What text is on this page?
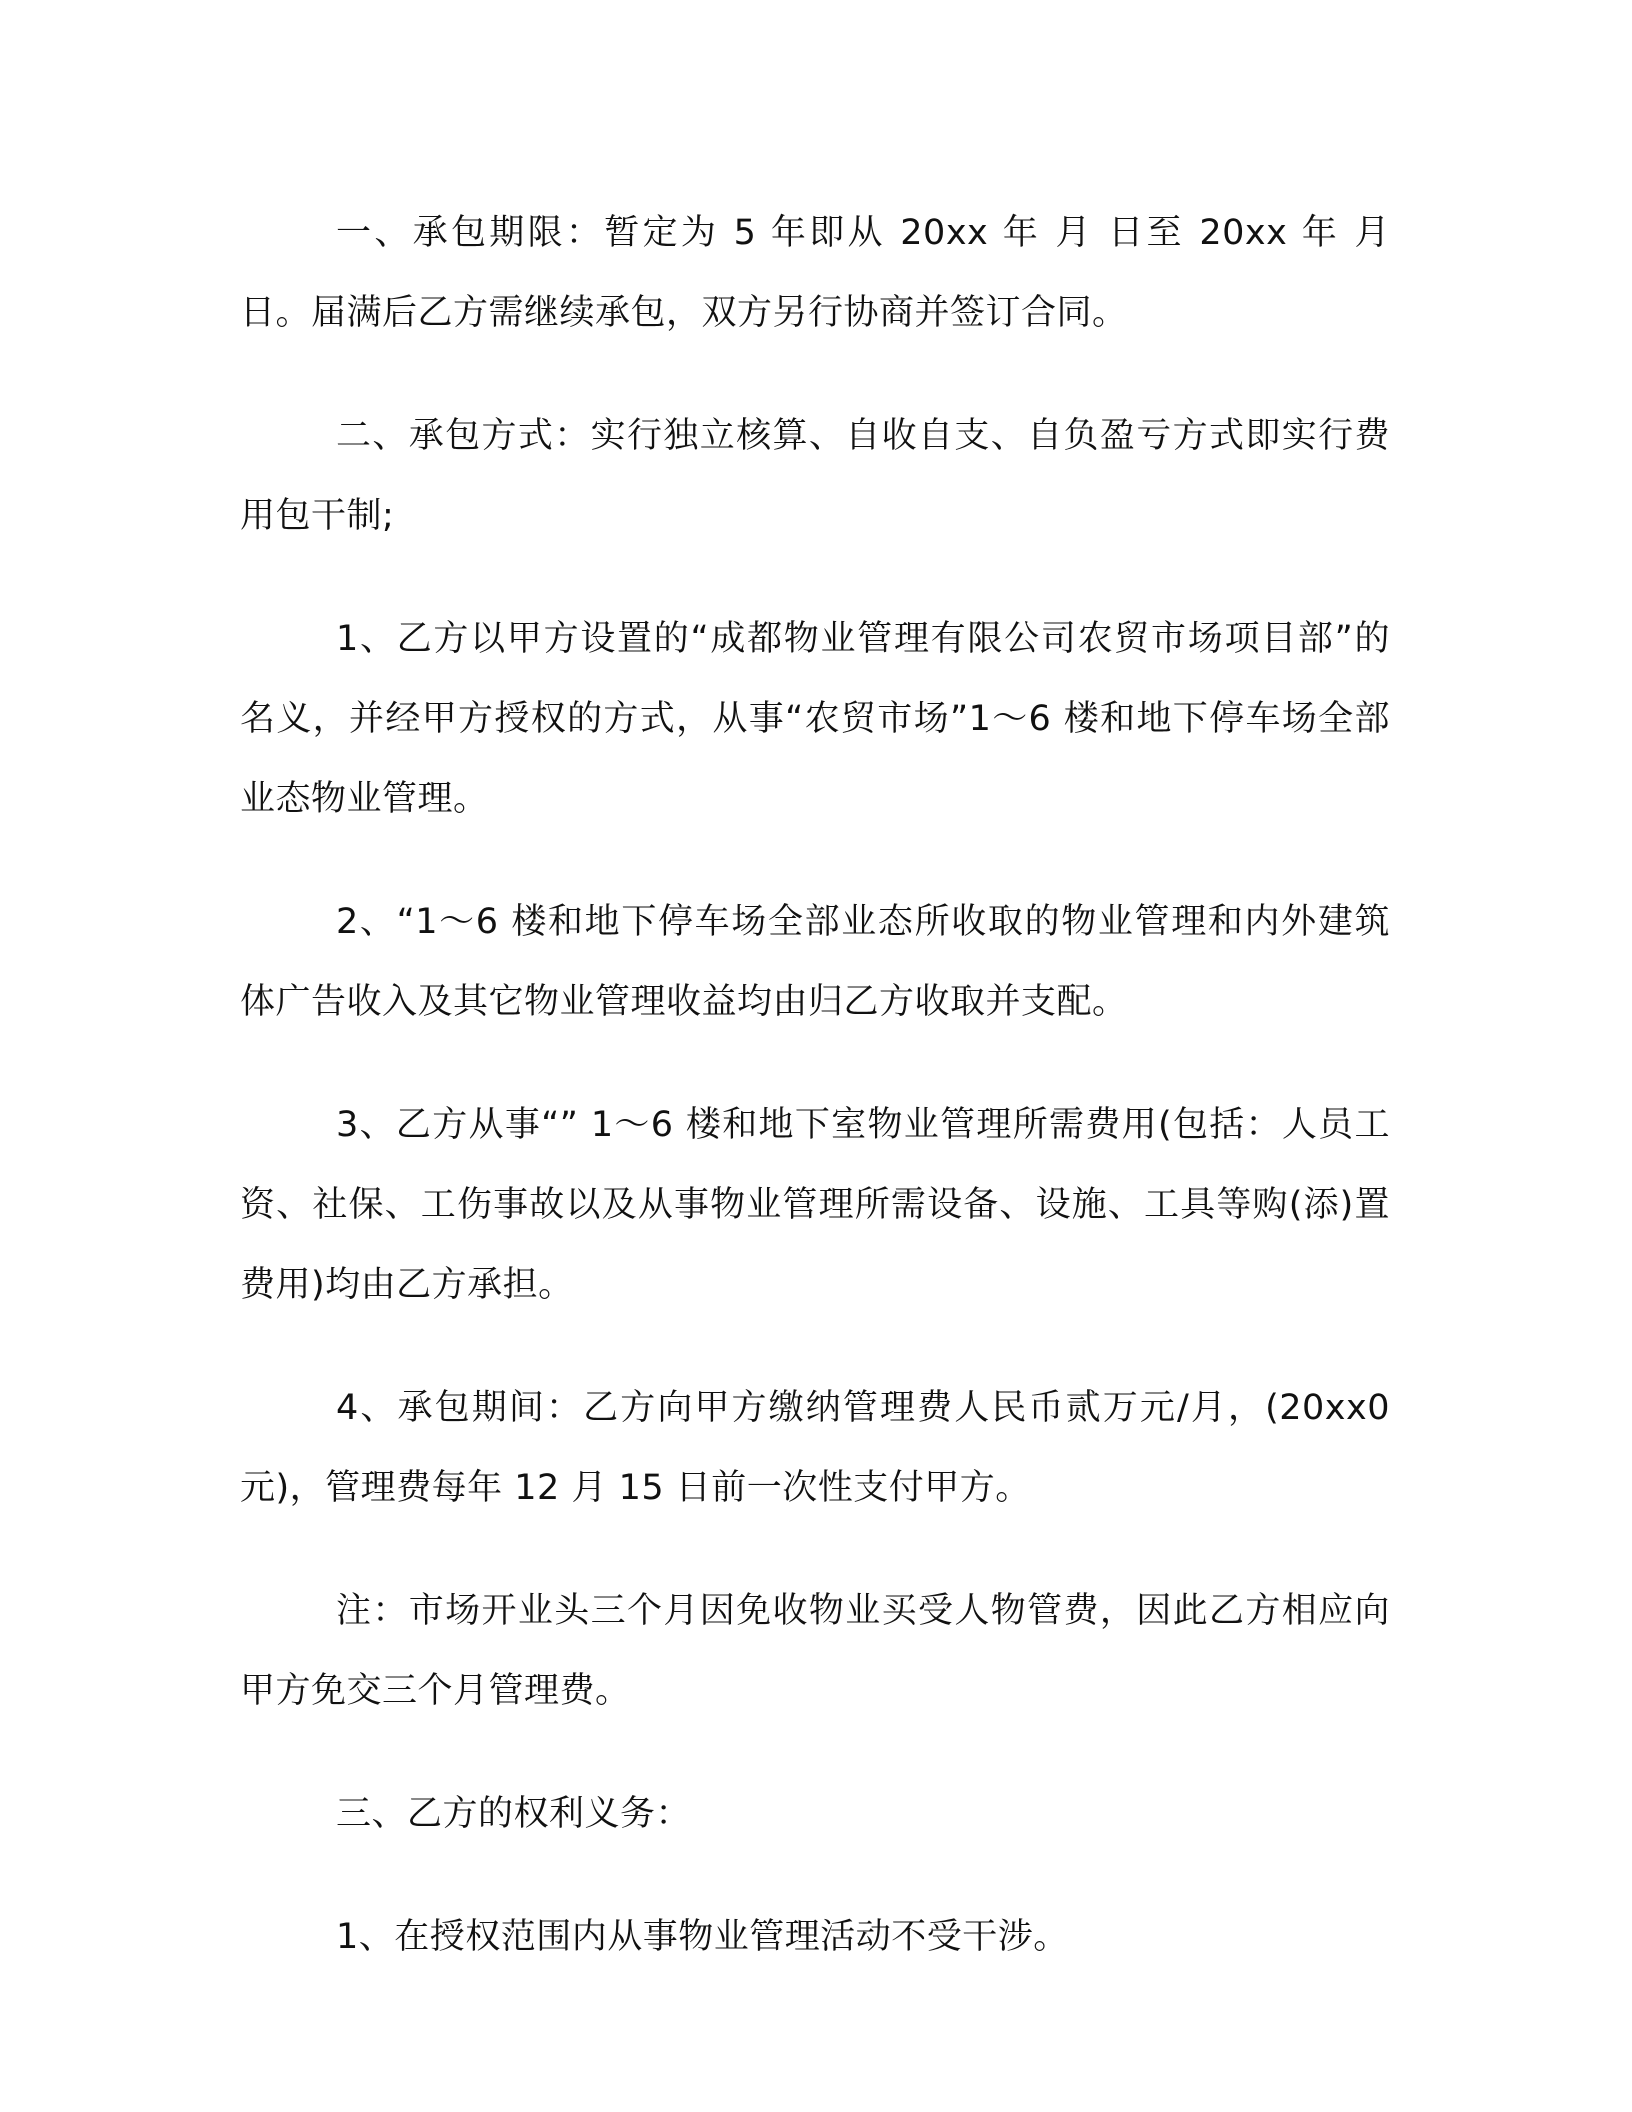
一、承包期限：暂定为 5 年即从 20xx 年 月 日至 20xx 年 月 日。届满后乙方需继续承包，双方另行协商并签订合同。

二、承包方式：实行独立核算、自收自支、自负盈亏方式即实行费用包干制;

1、乙方以甲方设置的“成都物业管理有限公司农贸市场项目部”的名义，并经甲方授权的方式，从事“农贸市场”1～6 楼和地下停车场全部业态物业管理。

2、“1～6 楼和地下停车场全部业态所收取的物业管理和内外建筑体广告收入及其它物业管理收益均由归乙方收取并支配。

3、乙方从事“” 1～6 楼和地下室物业管理所需费用(包括：人员工资、社保、工伤事故以及从事物业管理所需设备、设施、工具等购(添)置费用)均由乙方承担。

4、承包期间：乙方向甲方缴纳管理费人民币贰万元/月，(20xx0 元)，管理费每年 12 月 15 日前一次性支付甲方。

注：市场开业头三个月因免收物业买受人物管费，因此乙方相应向甲方免交三个月管理费。

三、乙方的权利义务：

1、在授权范围内从事物业管理活动不受干涉。
